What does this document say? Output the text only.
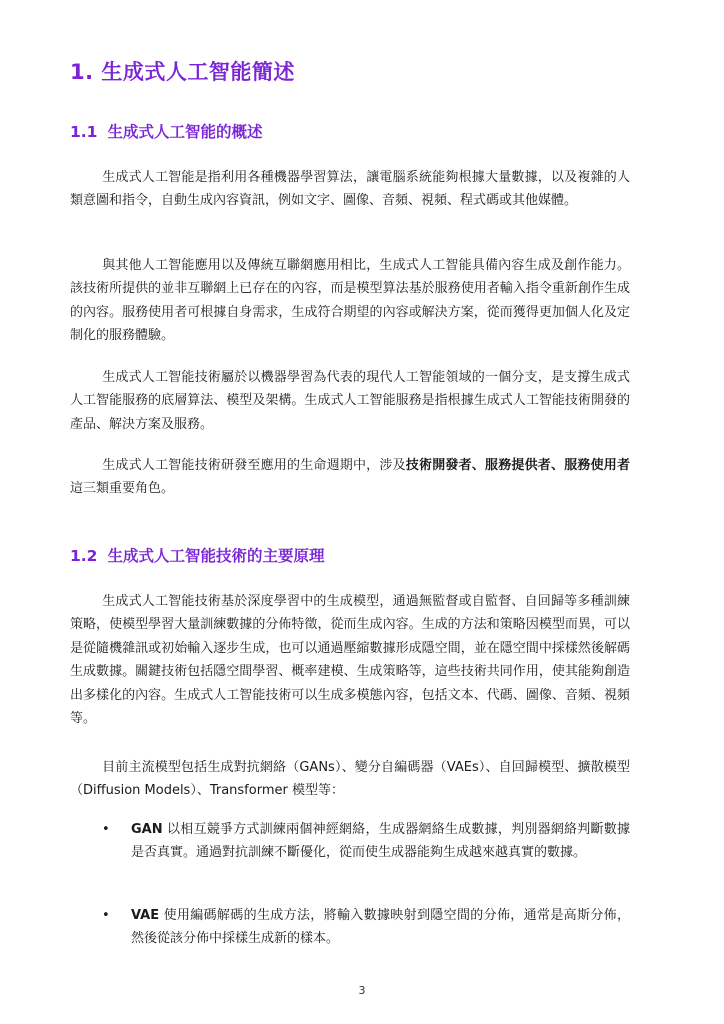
1. 生成式人工智能簡述
1.1 生成式人工智能的概述

生成式人工智能是指利用各種機器學習算法，讓電腦系統能夠根據大量數據，以及複雜的人類意圖和指令，自動生成內容資訊，例如文字、圖像、音頻、視頻、程式碼或其他媒體。

與其他人工智能應用以及傳統互聯網應用相比，生成式人工智能具備內容生成及創作能力。該技術所提供的並非互聯網上已存在的內容，而是模型算法基於服務使用者輸入指令重新創作生成的內容。服務使用者可根據自身需求，生成符合期望的內容或解決方案，從而獲得更加個人化及定制化的服務體驗。

生成式人工智能技術屬於以機器學習為代表的現代人工智能領域的一個分支，是支撐生成式人工智能服務的底層算法、模型及架構。生成式人工智能服務是指根據生成式人工智能技術開發的產品、解決方案及服務。

生成式人工智能技術研發至應用的生命週期中，涉及技術開發者、服務提供者、服務使用者這三類重要角色。

1.2 生成式人工智能技術的主要原理

生成式人工智能技術基於深度學習中的生成模型，通過無監督或自監督、自回歸等多種訓練策略，使模型學習大量訓練數據的分佈特徵，從而生成內容。生成的方法和策略因模型而異，可以是從隨機雜訊或初始輸入逐步生成，也可以通過壓縮數據形成隱空間，並在隱空間中採樣然後解碼生成數據。關鍵技術包括隱空間學習、概率建模、生成策略等，這些技術共同作用，使其能夠創造出多樣化的內容。生成式人工智能技術可以生成多模態內容，包括文本、代碼、圖像、音頻、視頻等。

目前主流模型包括生成對抗網絡（GANs）、變分自編碼器（VAEs）、自回歸模型、擴散模型（Diffusion Models）、Transformer 模型等：

• GAN 以相互競爭方式訓練兩個神經網絡，生成器網絡生成數據，判別器網絡判斷數據是否真實。通過對抗訓練不斷優化，從而使生成器能夠生成越來越真實的數據。
• VAE 使用編碼解碼的生成方法，將輸入數據映射到隱空間的分佈，通常是高斯分佈，然後從該分佈中採樣生成新的樣本。
3
